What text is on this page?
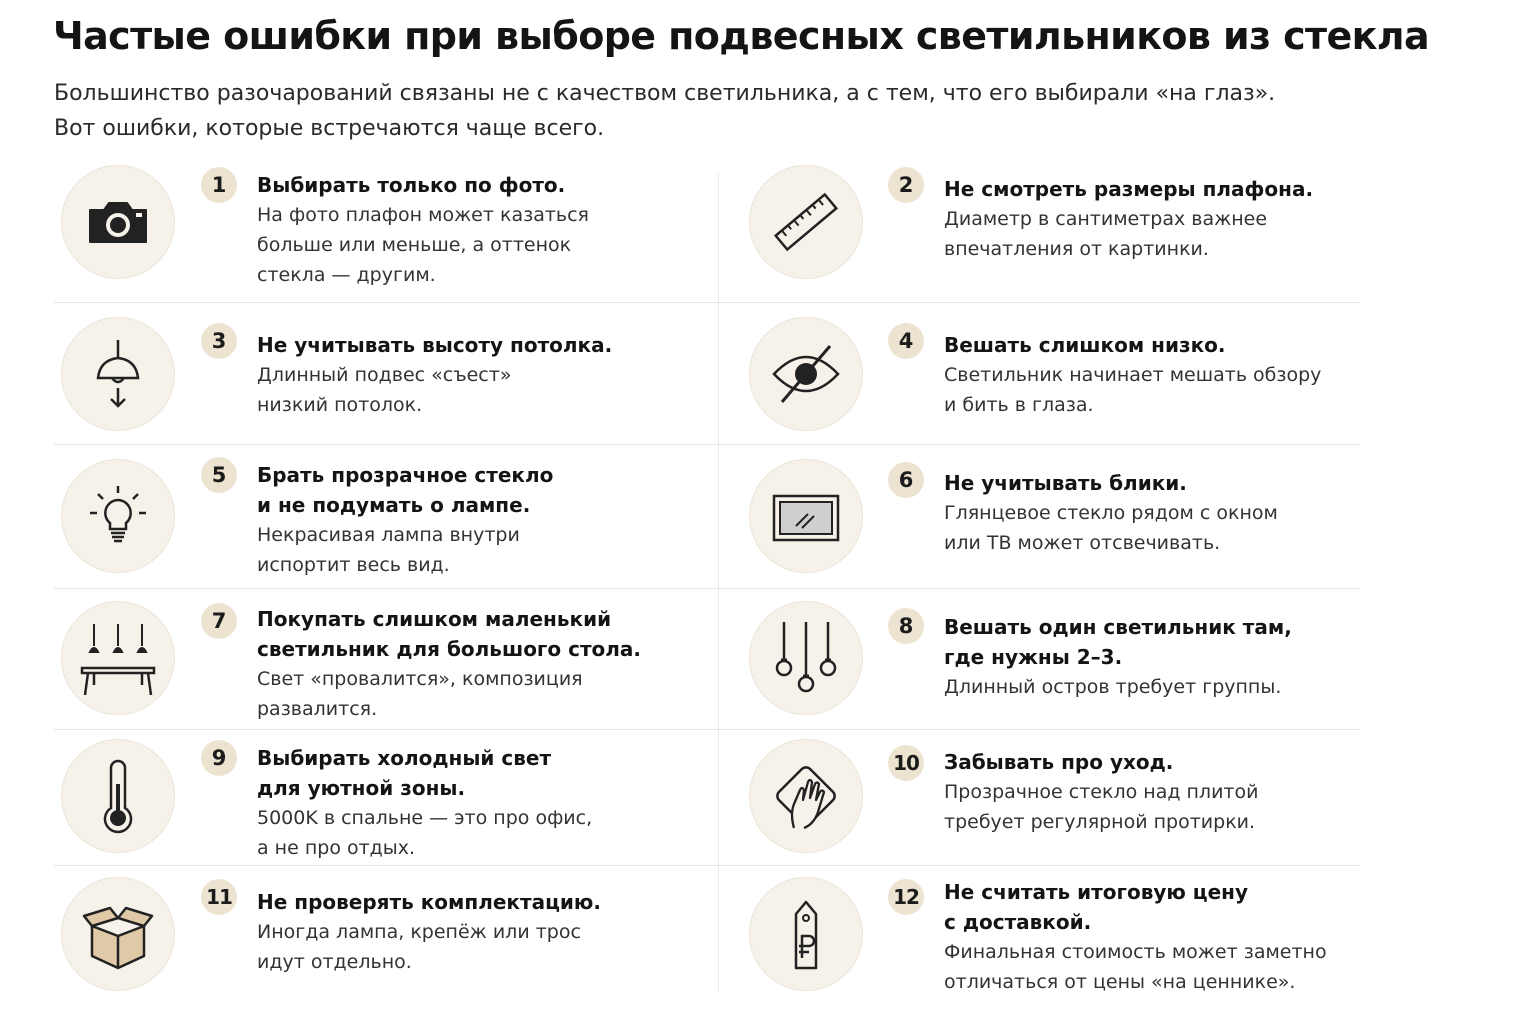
Частые ошибки при выборе подвесных светильников из стекла

Большинство разочарований связаны не с качеством светильника, а с тем, что его выбирали «на глаз».

Вот ошибки, которые встречаются чаще всего.

1	Выбирать только по фото.
На фото плафон может казаться
больше или меньше, а оттенок
стекла — другим.
2	Не смотреть размеры плафона.
Диаметр в сантиметрах важнее
впечатления от картинки.
3	Не учитывать высоту потолка.
Длинный подвес «съест»
низкий потолок.
4	Вешать слишком низко.
Светильник начинает мешать обзору
и бить в глаза.
5	Брать прозрачное стекло
и не подумать о лампе.
Некрасивая лампа внутри
испортит весь вид.
6	Не учитывать блики.
Глянцевое стекло рядом с окном
или ТВ может отсвечивать.
7	Покупать слишком маленький
светильник для большого стола.
Свет «провалится», композиция
развалится.
8	Вешать один светильник там,
где нужны 2–3.
Длинный остров требует группы.
9	Выбирать холодный свет
для уютной зоны.
5000K в спальне — это про офис,
а не про отдых.
10 Забывать про уход.
Прозрачное стекло над плитой
требует регулярной протирки.
11 Не проверять комплектацию.
Иногда лампа, крепёж или трос
идут отдельно.
12 Не считать итоговую цену
с доставкой.
Финальная стоимость может заметно
отличаться от цены «на ценнике».
